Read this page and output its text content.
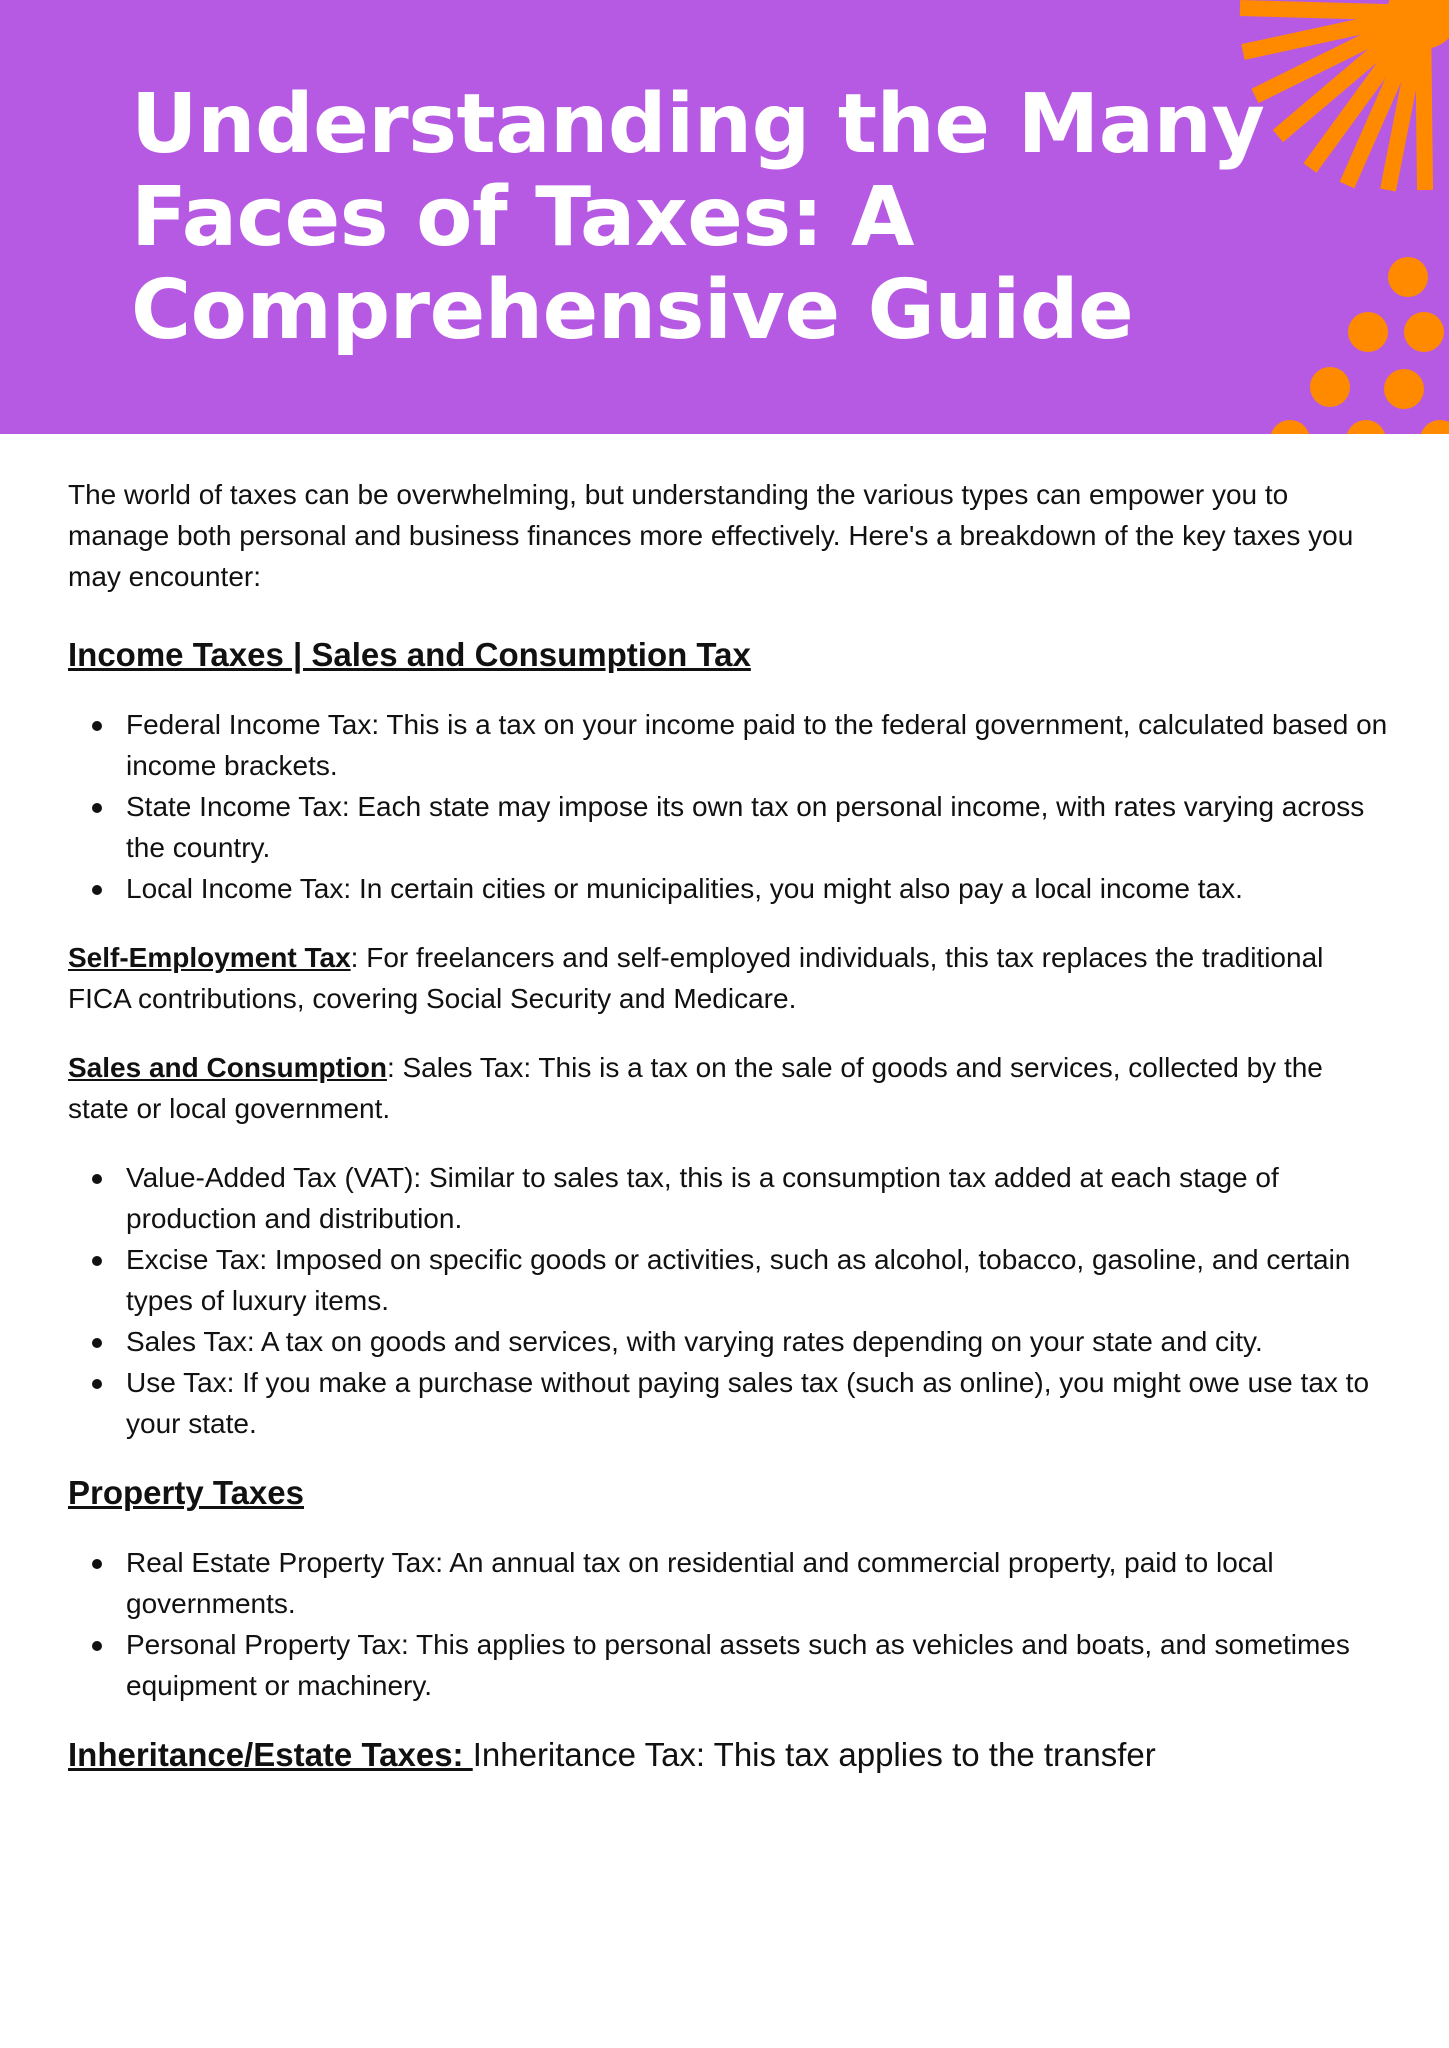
Understanding the Many
Faces of Taxes: A
Comprehensive Guide

The world of taxes can be overwhelming, but understanding the various types can empower you to manage both personal and business finances more effectively. Here's a breakdown of the key taxes you may encounter:

Income Taxes | Sales and Consumption Tax
Federal Income Tax: This is a tax on your income paid to the federal government, calculated based on income brackets.
State Income Tax: Each state may impose its own tax on personal income, with rates varying across the country.
Local Income Tax: In certain cities or municipalities, you might also pay a local income tax.

Self-Employment Tax: For freelancers and self-employed individuals, this tax replaces the traditional FICA contributions, covering Social Security and Medicare.

Sales and Consumption: Sales Tax: This is a tax on the sale of goods and services, collected by the state or local government.

Value-Added Tax (VAT): Similar to sales tax, this is a consumption tax added at each stage of production and distribution.
Excise Tax: Imposed on specific goods or activities, such as alcohol, tobacco, gasoline, and certain types of luxury items.
Sales Tax: A tax on goods and services, with varying rates depending on your state and city.
Use Tax: If you make a purchase without paying sales tax (such as online), you might owe use tax to your state.
Property Taxes
Real Estate Property Tax: An annual tax on residential and commercial property, paid to local governments.
Personal Property Tax: This applies to personal assets such as vehicles and boats, and sometimes equipment or machinery.

Inheritance/Estate Taxes: Inheritance Tax: This tax applies to the transfer
